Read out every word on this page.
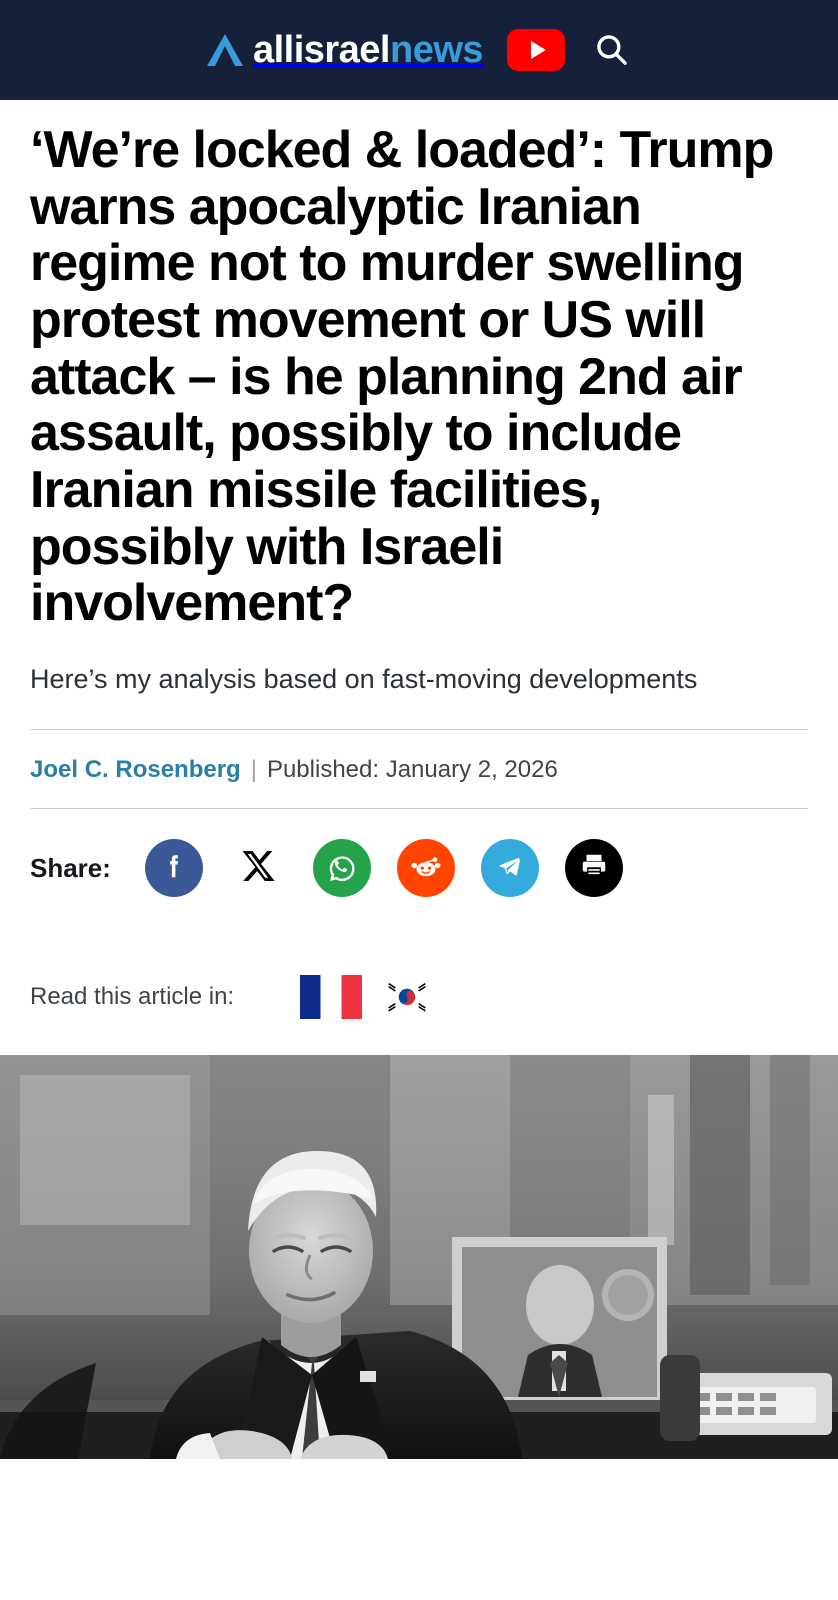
all israel news
‘We’re locked & loaded’: Trump warns apocalyptic Iranian regime not to murder swelling protest movement or US will attack – is he planning 2nd air assault, possibly to include Iranian missile facilities, possibly with Israeli involvement?

Here’s my analysis based on fast-moving developments

Joel C. Rosenberg | Published: January 2, 2026
Share:
Read this article in:
